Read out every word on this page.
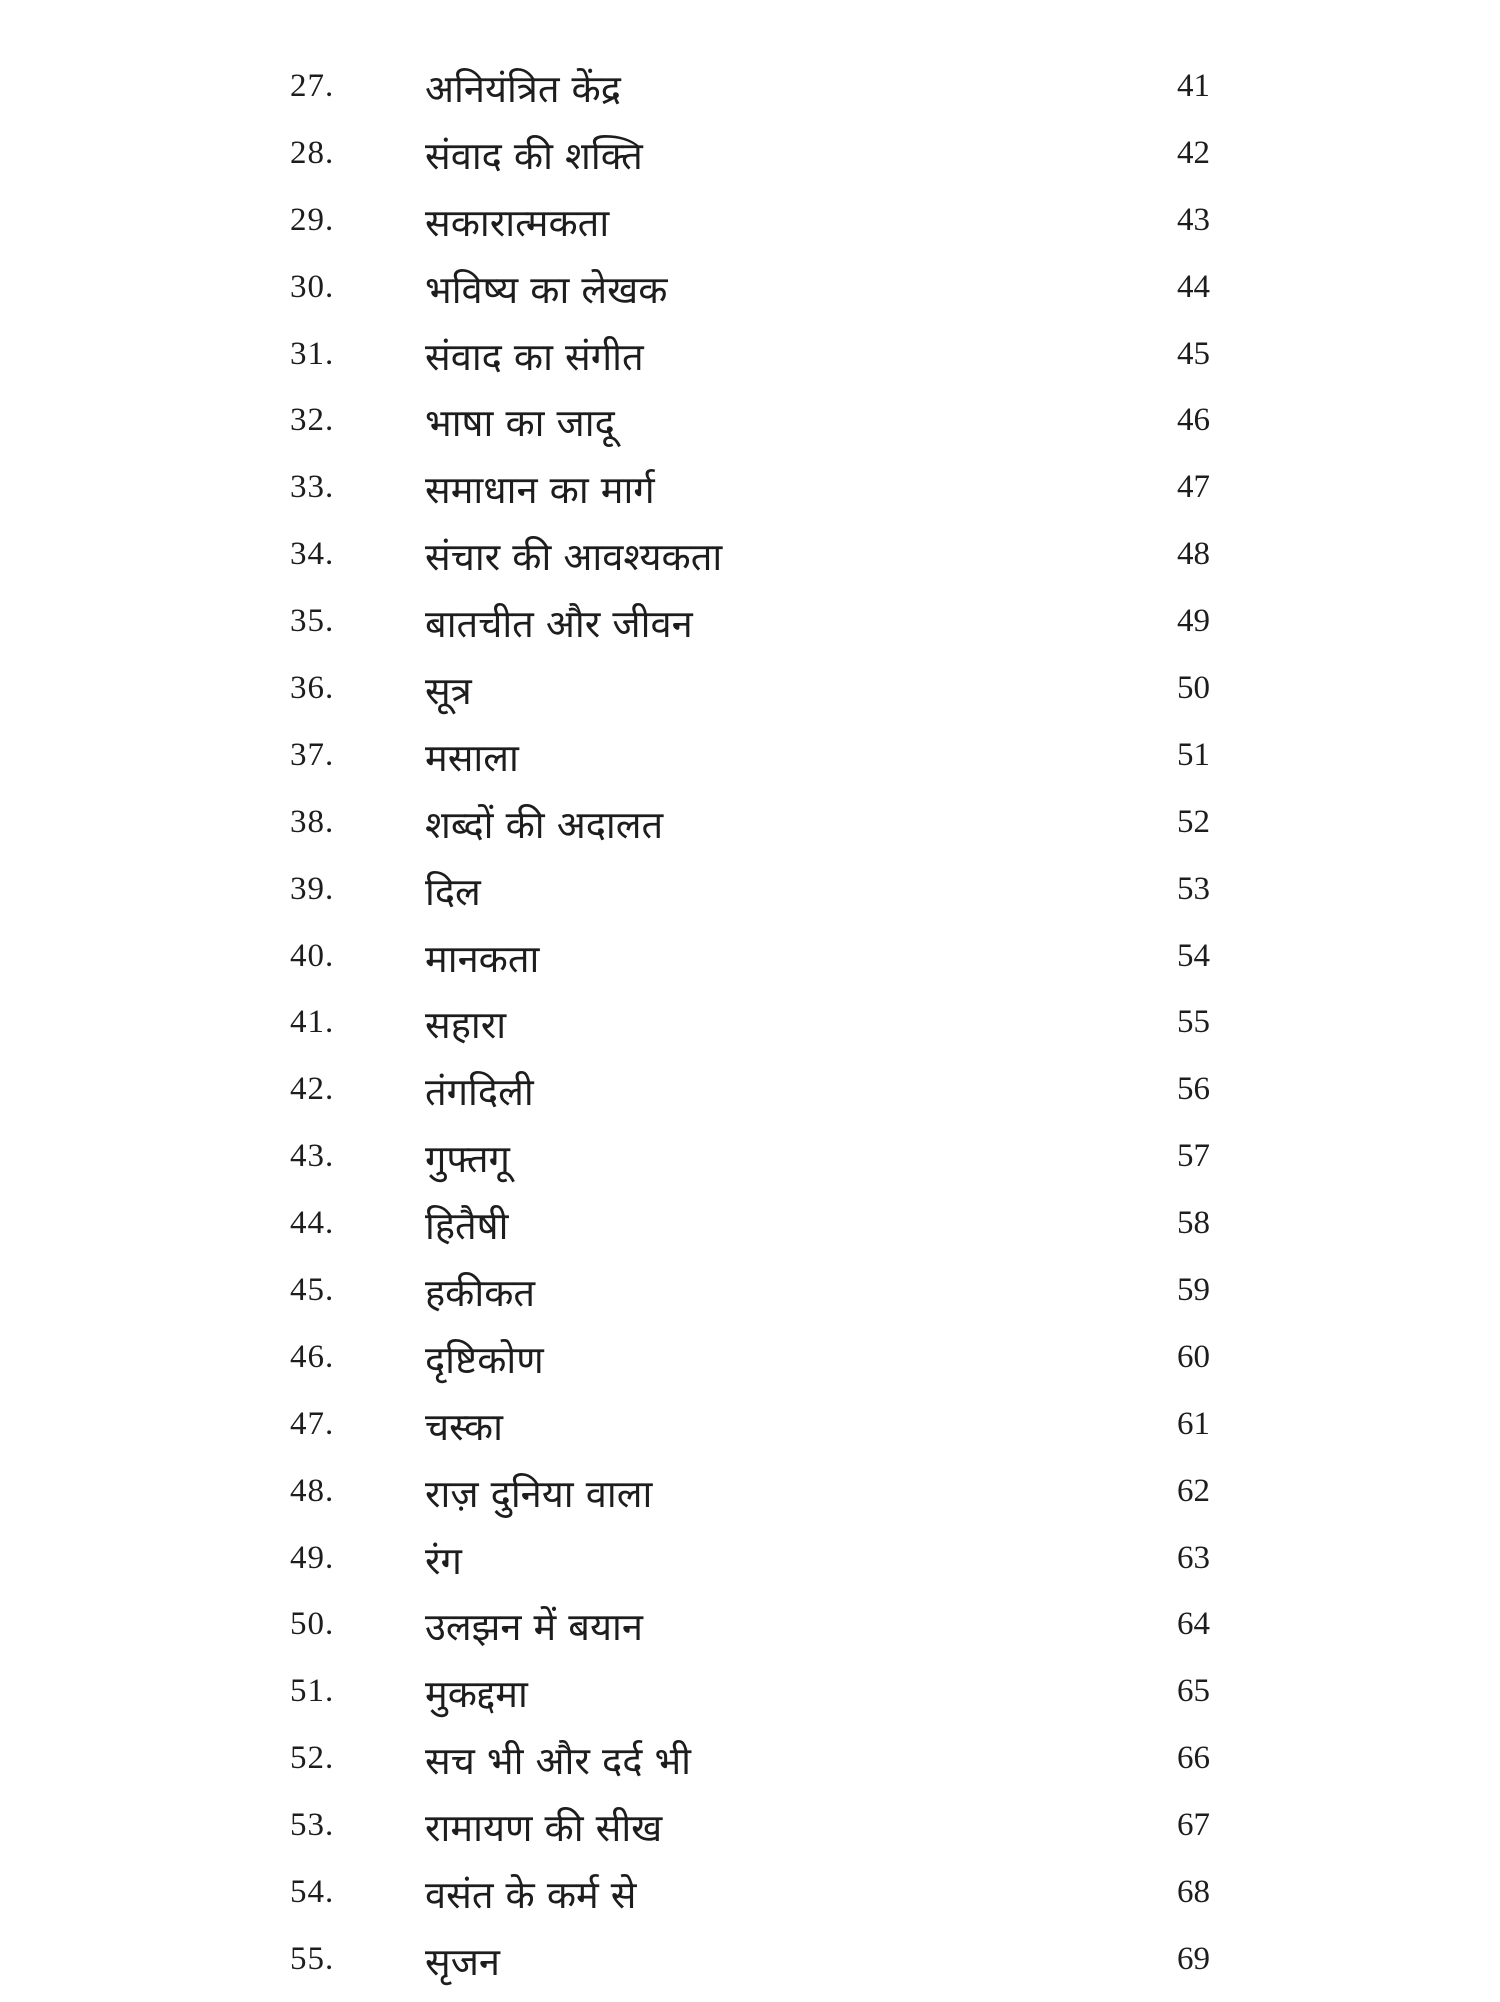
27. अनियंत्रित केंद्र	41
28. संवाद की शक्ति	42
29. सकारात्मकता	43
30. भविष्य का लेखक	44
31. संवाद का संगीत	45
32. भाषा का जादू	46
33. समाधान का मार्ग	47
34. संचार की आवश्यकता	48
35. बातचीत और जीवन	49
36. सूत्र	50
37. मसाला	51
38. शब्दों की अदालत	52
39. दिल	53
40. मानकता	54
41. सहारा	55
42. तंगदिली	56
43. गुफ्तगू	57
44. हितैषी	58
45. हकीकत	59
46. दृष्टिकोण	60
47. चस्का	61
48. राज़ दुनिया वाला	62
49. रंग	63
50. उलझन में बयान	64
51. मुकद्दमा	65
52. सच भी और दर्द भी	66
53. रामायण की सीख	67
54. वसंत के कर्म से	68
55. सृजन	69
